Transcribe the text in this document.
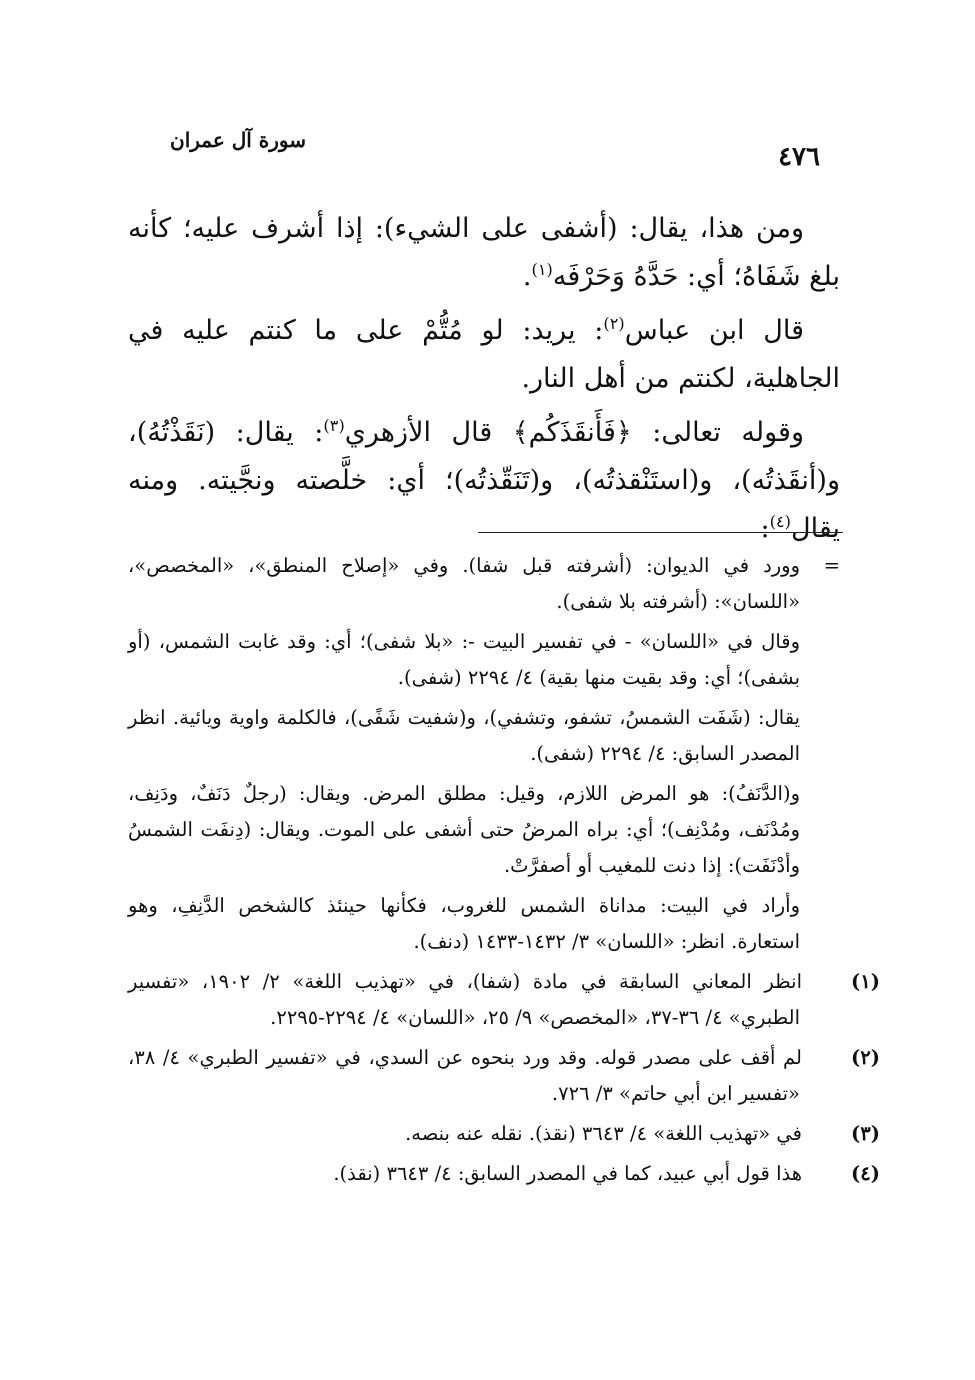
سورة آل عمران
٤٧٦

ومن هذا، يقال: (أشفى على الشيء): إذا أشرف عليه؛ كأنه بلغ شَفَاهُ؛ أي: حَدَّهُ وَحَرْفَه$^{(١)}$.

قال ابن عباس$^{(٢)}$: يريد: لو مُتُّمْ على ما كنتم عليه في الجاهلية، لكنتم من أهل النار.

وقوله تعالى: ﴿فَأَنقَذَكُم﴾ قال الأزهري$^{(٣)}$: يقال: (نَقَذْتُهُ)، و(أنقَذتُه)، و(استَنْقذتُه)، و(تَنَقّذتُه)؛ أي: خلَّصته ونجَّيته. ومنه يقال$^{(٤)}$:

=

وورد في الديوان: (أشرفته قبل شفا). وفي «إصلاح المنطق»، «المخصص»، «اللسان»: (أشرفته بلا شفى).

وقال في «اللسان» - في تفسير البيت -: «بلا شفى)؛ أي: وقد غابت الشمس، (أو بشفى)؛ أي: وقد بقيت منها بقية) ٤/ ٢٢٩٤ (شفى).

يقال: (شَفَت الشمسُ، تشفو، وتشفي)، و(شفيت شَفًى)، فالكلمة واوية ويائية. انظر المصدر السابق: ٤/ ٢٢٩٤ (شفى).

و(الدَّنَفُ): هو المرض اللازم، وقيل: مطلق المرض. ويقال: (رجلٌ دَنَفٌ، ودَنِف، ومُدْنَف، ومُدْنِف)؛ أي: براه المرضُ حتى أشفى على الموت. ويقال: (دِنفَت الشمسُ وأدْنَفَت): إذا دنت للمغيب أو أصفرَّتْ.

وأراد في البيت: مداناة الشمس للغروب، فكأنها حينئذ كالشخص الدَّنِفِ، وهو استعارة. انظر: «اللسان» ٣/ ١٤٣٢-١٤٣٣ (دنف).

(١)انظر المعاني السابقة في مادة (شفا)، في «تهذيب اللغة» ٢/ ١٩٠٢، «تفسير الطبري» ٤/ ٣٦-٣٧، «المخصص» ٩/ ٢٥، «اللسان» ٤/ ٢٢٩٤-٢٢٩٥.

(٢)لم أقف على مصدر قوله. وقد ورد بنحوه عن السدي، في «تفسير الطبري» ٤/ ٣٨، «تفسير ابن أبي حاتم» ٣/ ٧٢٦.

(٣)في «تهذيب اللغة» ٤/ ٣٦٤٣ (نقذ). نقله عنه بنصه.

(٤)هذا قول أبي عبيد، كما في المصدر السابق: ٤/ ٣٦٤٣ (نقذ).
